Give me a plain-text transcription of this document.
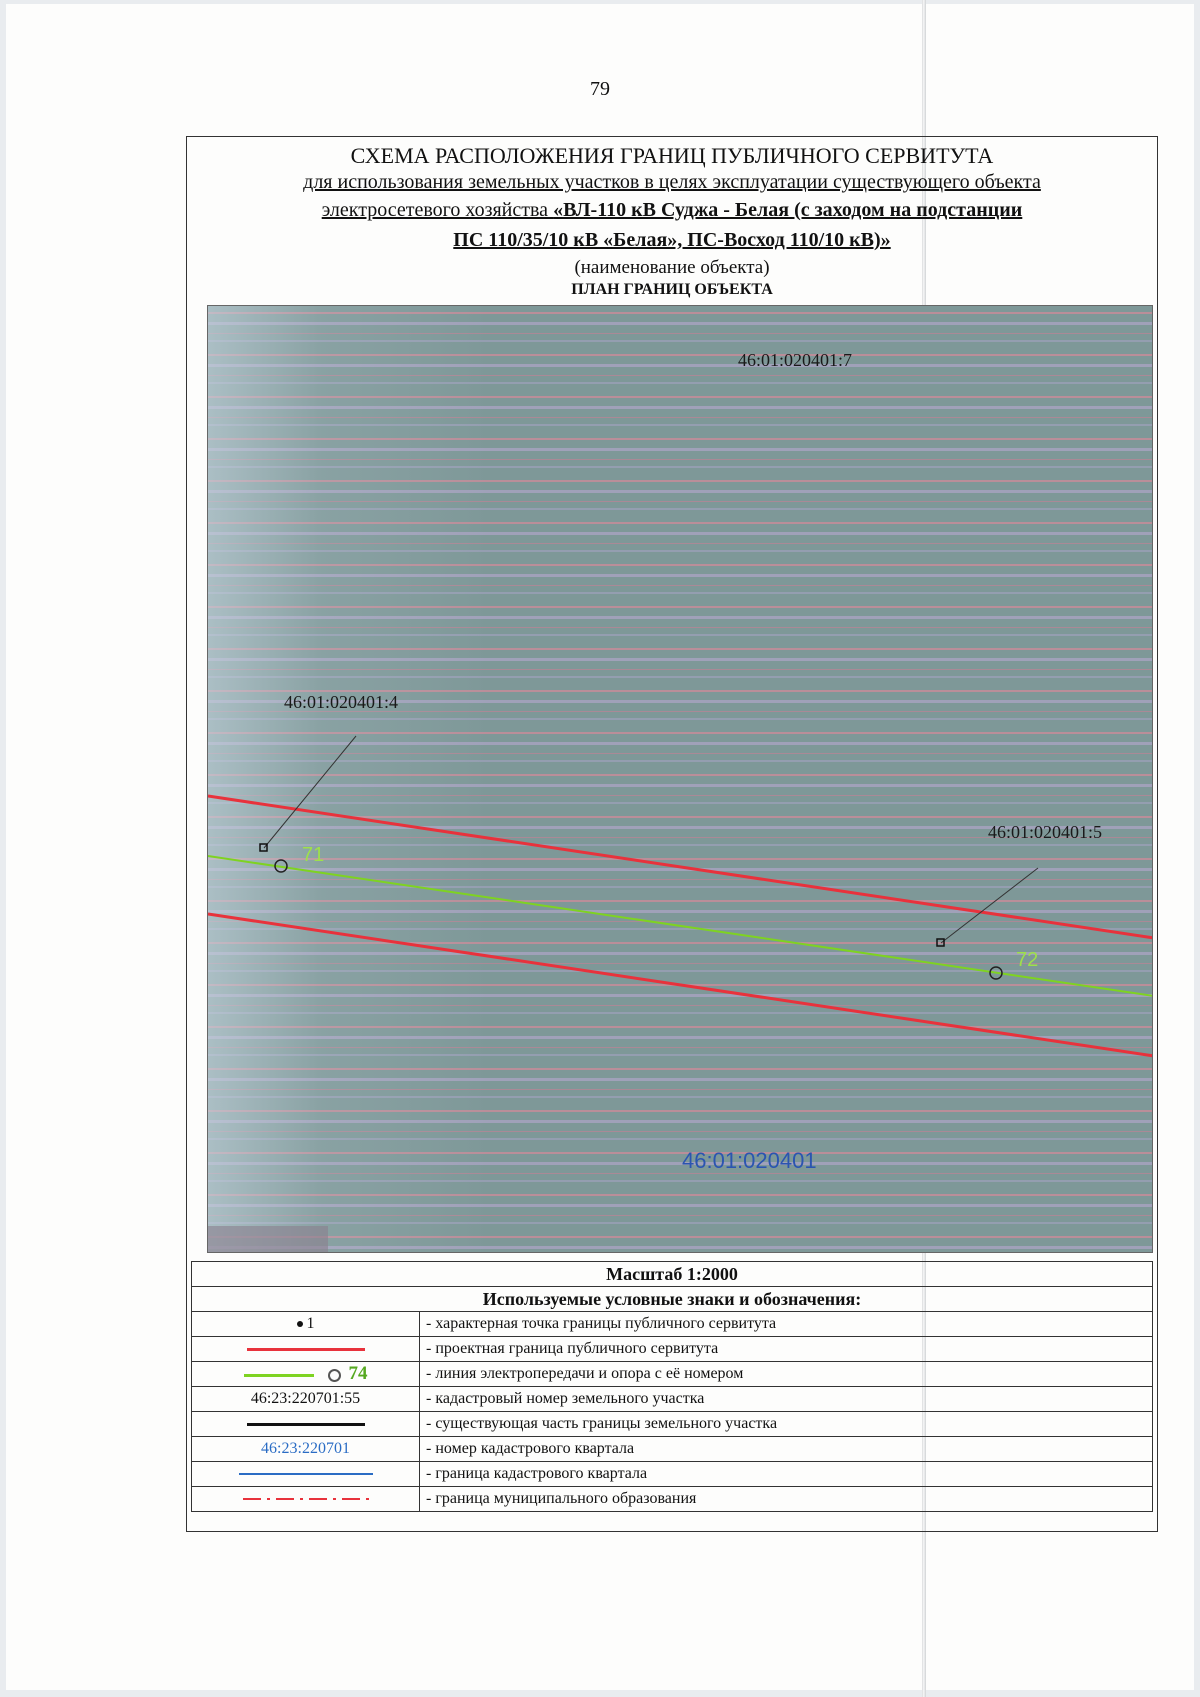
79
СХЕМА РАСПОЛОЖЕНИЯ ГРАНИЦ ПУБЛИЧНОГО СЕРВИТУТА
для использования земельных участков в целях эксплуатации существующего объекта
электросетевого хозяйства «ВЛ-110 кВ Суджа - Белая (с заходом на подстанции
ПС 110/35/10 кВ «Белая», ПС-Восход 110/10 кВ)»
(наименование объекта)
ПЛАН ГРАНИЦ ОБЪЕКТА
46:01:020401:7
46:01:020401:4
46:01:020401:5
71
72
46:01:020401
Масштаб 1:2000	
Используемые условные знаки и обозначения:	
1	- характерная точка границы публичного сервитута
	- проектная граница публичного сервитута
74	- линия электропередачи и опора с её номером
46:23:220701:55	- кадастровый номер земельного участка
	- существующая часть границы земельного участка
46:23:220701	- номер кадастрового квартала
	- граница кадастрового квартала
	- граница муниципального образования
